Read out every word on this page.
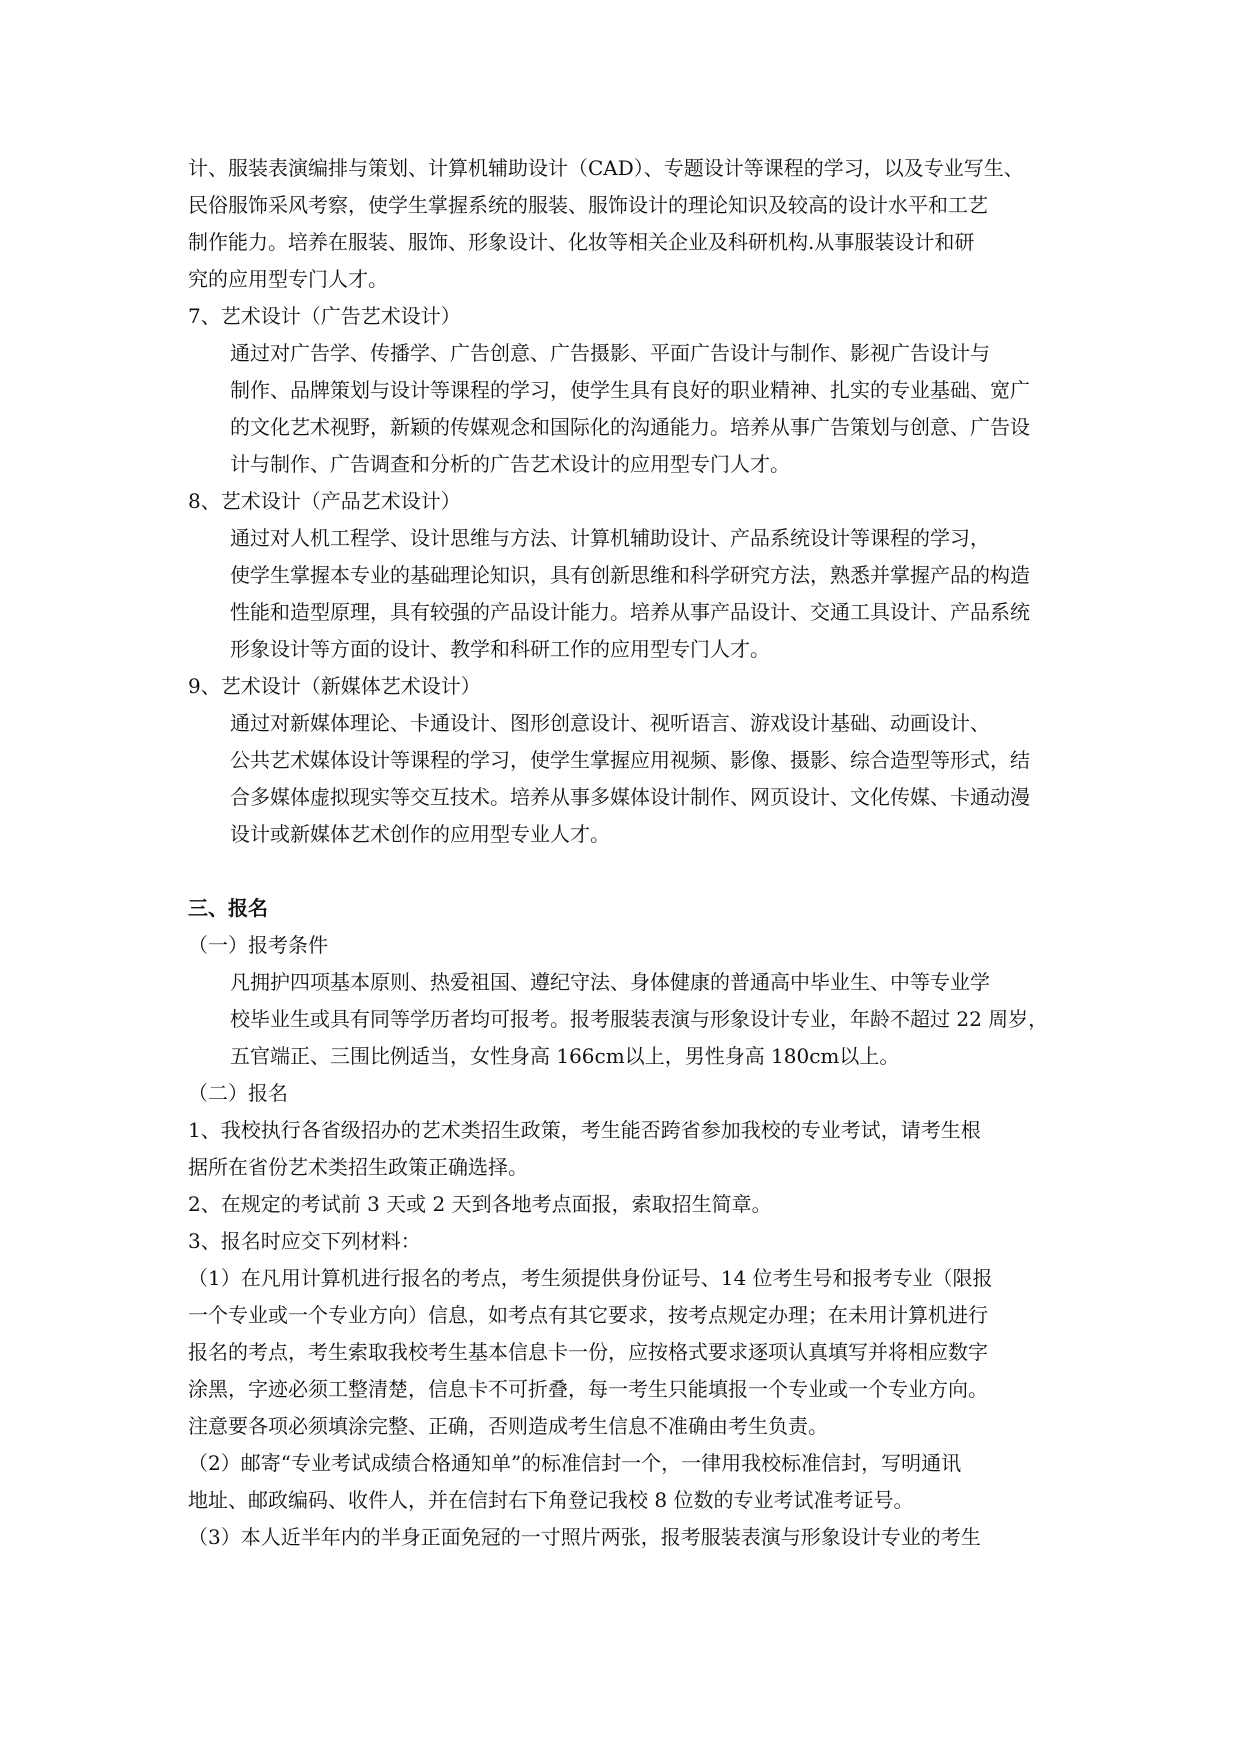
计、服装表演编排与策划、计算机辅助设计（CAD）、专题设计等课程的学习，以及专业写生、
民俗服饰采风考察，使学生掌握系统的服装、服饰设计的理论知识及较高的设计水平和工艺
制作能力。培养在服装、服饰、形象设计、化妆等相关企业及科研机构.从事服装设计和研
究的应用型专门人才。

7、艺术设计（广告艺术设计）

通过对广告学、传播学、广告创意、广告摄影、平面广告设计与制作、影视广告设计与
制作、品牌策划与设计等课程的学习，使学生具有良好的职业精神、扎实的专业基础、宽广
的文化艺术视野，新颖的传媒观念和国际化的沟通能力。培养从事广告策划与创意、广告设
计与制作、广告调查和分析的广告艺术设计的应用型专门人才。

8、艺术设计（产品艺术设计）

通过对人机工程学、设计思维与方法、计算机辅助设计、产品系统设计等课程的学习，
使学生掌握本专业的基础理论知识，具有创新思维和科学研究方法，熟悉并掌握产品的构造
性能和造型原理，具有较强的产品设计能力。培养从事产品设计、交通工具设计、产品系统
形象设计等方面的设计、教学和科研工作的应用型专门人才。

9、艺术设计（新媒体艺术设计）

通过对新媒体理论、卡通设计、图形创意设计、视听语言、游戏设计基础、动画设计、
公共艺术媒体设计等课程的学习，使学生掌握应用视频、影像、摄影、综合造型等形式，结
合多媒体虚拟现实等交互技术。培养从事多媒体设计制作、网页设计、文化传媒、卡通动漫
设计或新媒体艺术创作的应用型专业人才。

三、报名

（一）报考条件

凡拥护四项基本原则、热爱祖国、遵纪守法、身体健康的普通高中毕业生、中等专业学
校毕业生或具有同等学历者均可报考。报考服装表演与形象设计专业，年龄不超过 22 周岁，
五官端正、三围比例适当，女性身高 166cm以上，男性身高 180cm以上。

（二）报名

1、我校执行各省级招办的艺术类招生政策，考生能否跨省参加我校的专业考试，请考生根
据所在省份艺术类招生政策正确选择。

2、在规定的考试前 3 天或 2 天到各地考点面报，索取招生简章。

3、报名时应交下列材料：

（1）在凡用计算机进行报名的考点，考生须提供身份证号、14 位考生号和报考专业（限报
一个专业或一个专业方向）信息，如考点有其它要求，按考点规定办理；在未用计算机进行
报名的考点，考生索取我校考生基本信息卡一份，应按格式要求逐项认真填写并将相应数字
涂黑，字迹必须工整清楚，信息卡不可折叠，每一考生只能填报一个专业或一个专业方向。
注意要各项必须填涂完整、正确，否则造成考生信息不准确由考生负责。

（2）邮寄“专业考试成绩合格通知单”的标准信封一个，一律用我校标准信封，写明通讯
地址、邮政编码、收件人，并在信封右下角登记我校 8 位数的专业考试准考证号。

（3）本人近半年内的半身正面免冠的一寸照片两张，报考服装表演与形象设计专业的考生
